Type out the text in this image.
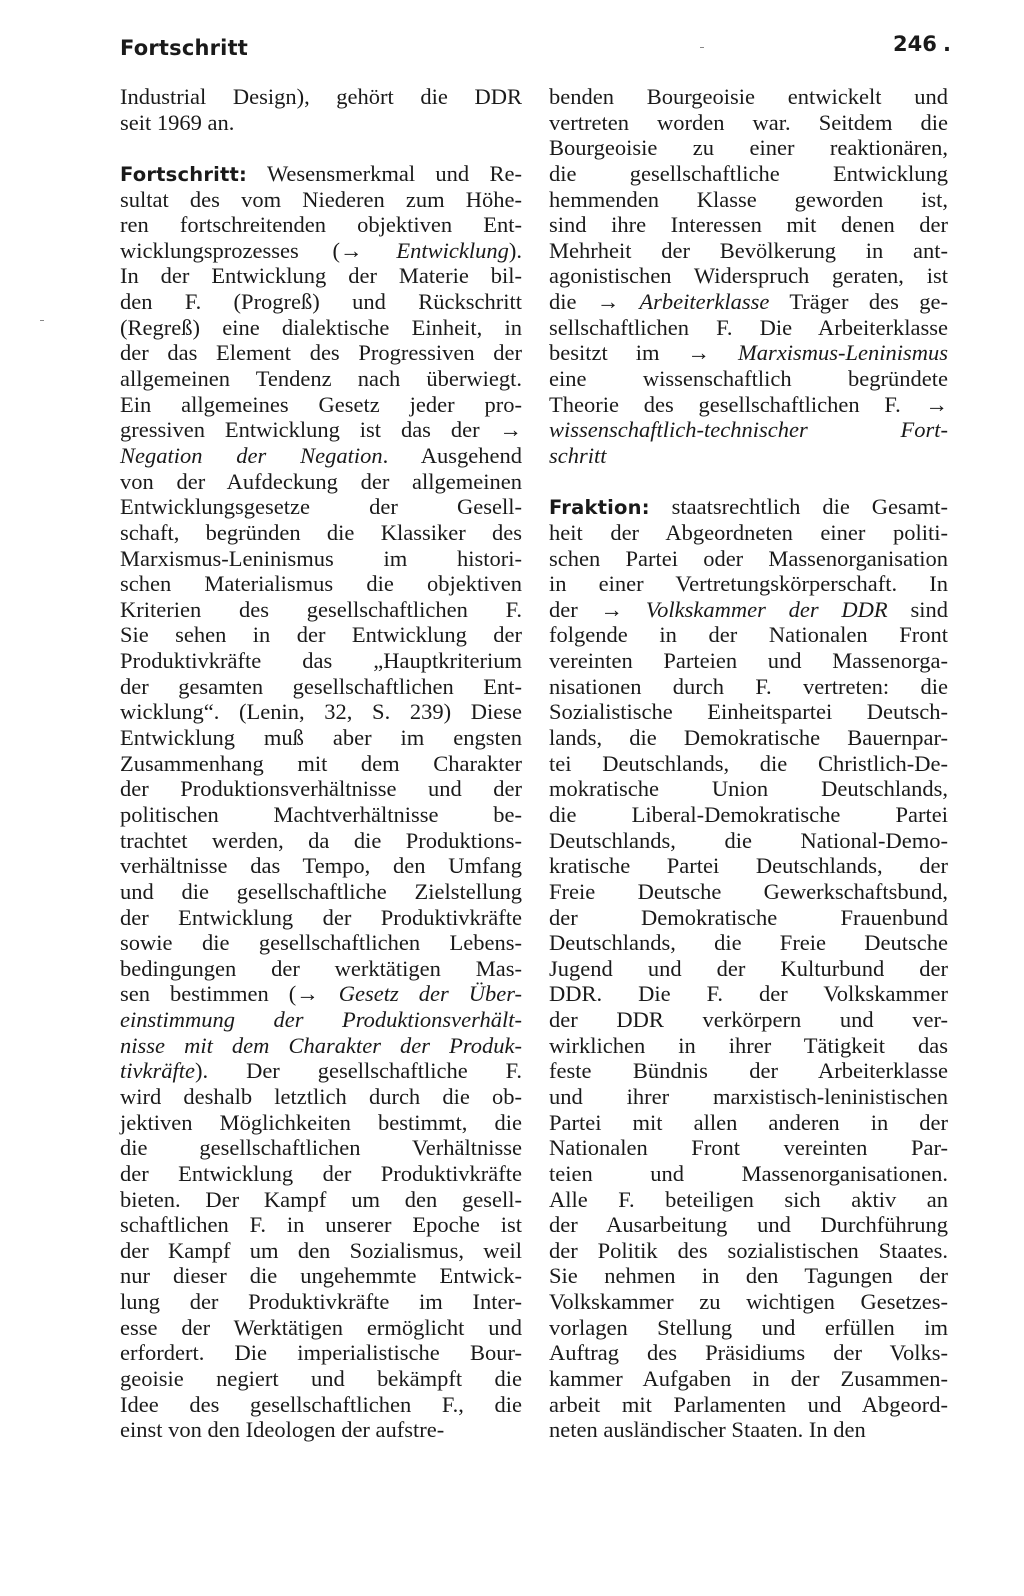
Fortschritt	246 .
Industrial Design), gehört die DDR
seit 1969 an.
Fortschritt: Wesensmerkmal und Re-
sultat des vom Niederen zum Höhe-
ren fortschreitenden objektiven Ent-
wicklungsprozesses (→ Entwicklung).
In der Entwicklung der Materie bil-
den F. (Progreß) und Rückschritt
(Regreß) eine dialektische Einheit, in
der das Element des Progressiven der
allgemeinen Tendenz nach überwiegt.
Ein allgemeines Gesetz jeder pro-
gressiven Entwicklung ist das der →
Negation der Negation. Ausgehend
von der Aufdeckung der allgemeinen
Entwicklungsgesetze der Gesell-
schaft, begründen die Klassiker des
Marxismus-Leninismus im histori-
schen Materialismus die objektiven
Kriterien des gesellschaftlichen F.
Sie sehen in der Entwicklung der
Produktivkräfte das „Hauptkriterium
der gesamten gesellschaftlichen Ent-
wicklung“. (Lenin, 32, S. 239) Diese
Entwicklung muß aber im engsten
Zusammenhang mit dem Charakter
der Produktionsverhältnisse und der
politischen Machtverhältnisse be-
trachtet werden, da die Produktions-
verhältnisse das Tempo, den Umfang
und die gesellschaftliche Zielstellung
der Entwicklung der Produktivkräfte
sowie die gesellschaftlichen Lebens-
bedingungen der werktätigen Mas-
sen bestimmen (→ Gesetz der Über-
einstimmung der Produktionsverhält-
nisse mit dem Charakter der Produk-
tivkräfte). Der gesellschaftliche F.
wird deshalb letztlich durch die ob-
jektiven Möglichkeiten bestimmt, die
die gesellschaftlichen Verhältnisse
der Entwicklung der Produktivkräfte
bieten. Der Kampf um den gesell-
schaftlichen F. in unserer Epoche ist
der Kampf um den Sozialismus, weil
nur dieser die ungehemmte Entwick-
lung der Produktivkräfte im Inter-
esse der Werktätigen ermöglicht und
erfordert. Die imperialistische Bour-
geoisie negiert und bekämpft die
Idee des gesellschaftlichen F., die
einst von den Ideologen der aufstre-
benden Bourgeoisie entwickelt und
vertreten worden war. Seitdem die
Bourgeoisie zu einer reaktionären,
die gesellschaftliche Entwicklung
hemmenden Klasse geworden ist,
sind ihre Interessen mit denen der
Mehrheit der Bevölkerung in ant-
agonistischen Widerspruch geraten, ist
die → Arbeiterklasse Träger des ge-
sellschaftlichen F. Die Arbeiterklasse
besitzt im → Marxismus-Leninismus
eine wissenschaftlich begründete
Theorie des gesellschaftlichen F. →
wissenschaftlich-technischer Fort-
schritt
Fraktion: staatsrechtlich die Gesamt-
heit der Abgeordneten einer politi-
schen Partei oder Massenorganisation
in einer Vertretungskörperschaft. In
der → Volkskammer der DDR sind
folgende in der Nationalen Front
vereinten Parteien und Massenorga-
nisationen durch F. vertreten: die
Sozialistische Einheitspartei Deutsch-
lands, die Demokratische Bauernpar-
tei Deutschlands, die Christlich-De-
mokratische Union Deutschlands,
die Liberal-Demokratische Partei
Deutschlands, die National-Demo-
kratische Partei Deutschlands, der
Freie Deutsche Gewerkschaftsbund,
der Demokratische Frauenbund
Deutschlands, die Freie Deutsche
Jugend und der Kulturbund der
DDR. Die F. der Volkskammer
der DDR verkörpern und ver-
wirklichen in ihrer Tätigkeit das
feste Bündnis der Arbeiterklasse
und ihrer marxistisch-leninistischen
Partei mit allen anderen in der
Nationalen Front vereinten Par-
teien und Massenorganisationen.
Alle F. beteiligen sich aktiv an
der Ausarbeitung und Durchführung
der Politik des sozialistischen Staates.
Sie nehmen in den Tagungen der
Volkskammer zu wichtigen Gesetzes-
vorlagen Stellung und erfüllen im
Auftrag des Präsidiums der Volks-
kammer Aufgaben in der Zusammen-
arbeit mit Parlamenten und Abgeord-
neten ausländischer Staaten. In den
